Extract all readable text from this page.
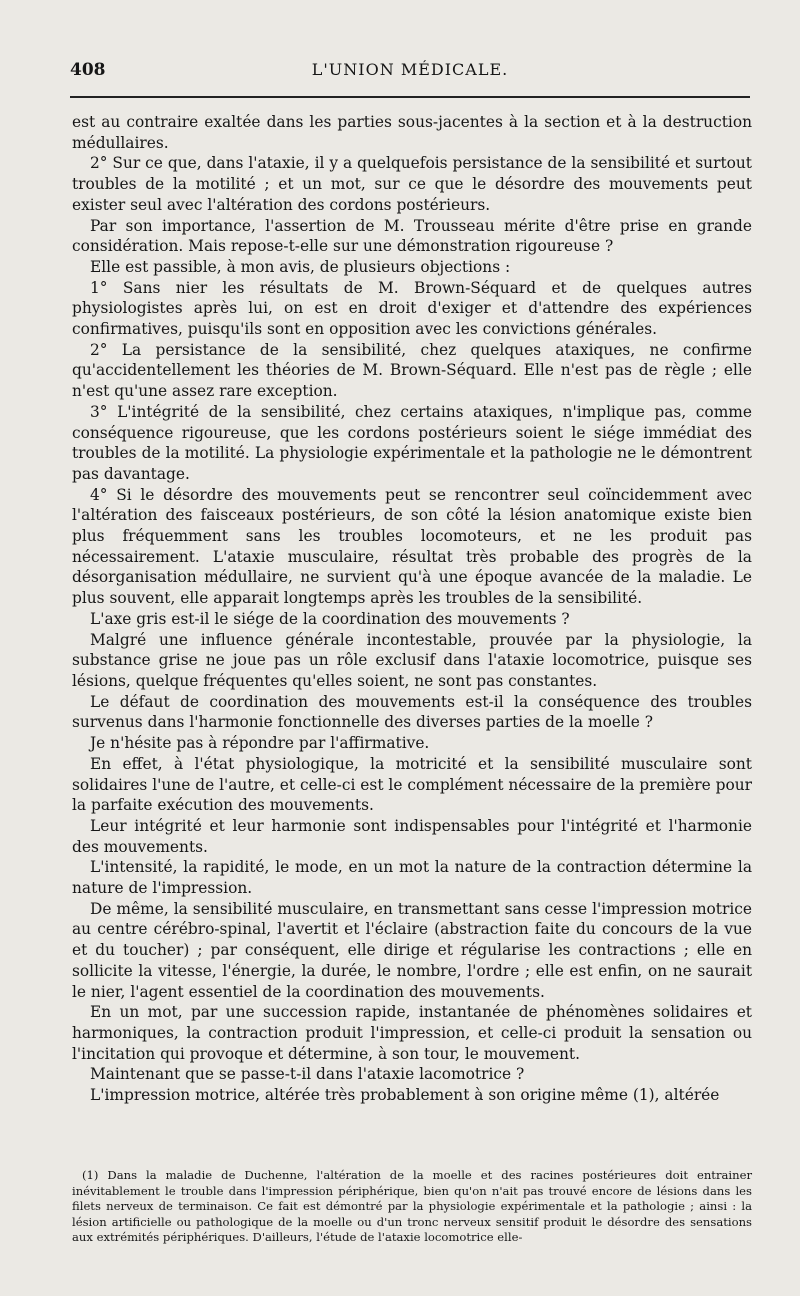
408	L'UNION MÉDICALE.

est au contraire exaltée dans les parties sous-jacentes à la section et à la destruction médullaires.

2° Sur ce que, dans l'ataxie, il y a quelquefois persistance de la sensibilité et surtout troubles de la motilité ; et un mot, sur ce que le désordre des mouvements peut exister seul avec l'altération des cordons postérieurs.

Par son importance, l'assertion de M. Trousseau mérite d'être prise en grande considération. Mais repose-t-elle sur une démonstration rigoureuse ?

Elle est passible, à mon avis, de plusieurs objections :

1° Sans nier les résultats de M. Brown-Séquard et de quelques autres physiologistes après lui, on est en droit d'exiger et d'attendre des expériences confirmatives, puisqu'ils sont en opposition avec les convictions générales.

2° La persistance de la sensibilité, chez quelques ataxiques, ne confirme qu'accidentellement les théories de M. Brown-Séquard. Elle n'est pas de règle ; elle n'est qu'une assez rare exception.

3° L'intégrité de la sensibilité, chez certains ataxiques, n'implique pas, comme conséquence rigoureuse, que les cordons postérieurs soient le siége immédiat des troubles de la motilité. La physiologie expérimentale et la pathologie ne le démontrent pas davantage.

4° Si le désordre des mouvements peut se rencontrer seul coïncidemment avec l'altération des faisceaux postérieurs, de son côté la lésion anatomique existe bien plus fréquemment sans les troubles locomoteurs, et ne les produit pas nécessairement. L'ataxie musculaire, résultat très probable des progrès de la désorganisation médullaire, ne survient qu'à une époque avancée de la maladie. Le plus souvent, elle apparait longtemps après les troubles de la sensibilité.

L'axe gris est-il le siége de la coordination des mouvements ?

Malgré une influence générale incontestable, prouvée par la physiologie, la substance grise ne joue pas un rôle exclusif dans l'ataxie locomotrice, puisque ses lésions, quelque fréquentes qu'elles soient, ne sont pas constantes.

Le défaut de coordination des mouvements est-il la conséquence des troubles survenus dans l'harmonie fonctionnelle des diverses parties de la moelle ?

Je n'hésite pas à répondre par l'affirmative.

En effet, à l'état physiologique, la motricité et la sensibilité musculaire sont solidaires l'une de l'autre, et celle-ci est le complément nécessaire de la première pour la parfaite exécution des mouvements.

Leur intégrité et leur harmonie sont indispensables pour l'intégrité et l'harmonie des mouvements.

L'intensité, la rapidité, le mode, en un mot la nature de la contraction détermine la nature de l'impression.

De même, la sensibilité musculaire, en transmettant sans cesse l'impression motrice au centre cérébro-spinal, l'avertit et l'éclaire (abstraction faite du concours de la vue et du toucher) ; par conséquent, elle dirige et régularise les contractions ; elle en sollicite la vitesse, l'énergie, la durée, le nombre, l'ordre ; elle est enfin, on ne saurait le nier, l'agent essentiel de la coordination des mouvements.

En un mot, par une succession rapide, instantanée de phénomènes solidaires et harmoniques, la contraction produit l'impression, et celle-ci produit la sensation ou l'incitation qui provoque et détermine, à son tour, le mouvement.

Maintenant que se passe-t-il dans l'ataxie lacomotrice ?

L'impression motrice, altérée très probablement à son origine même (1), altérée

(1) Dans la maladie de Duchenne, l'altération de la moelle et des racines postérieures doit entrainer inévitablement le trouble dans l'impression périphérique, bien qu'on n'ait pas trouvé encore de lésions dans les filets nerveux de terminaison. Ce fait est démontré par la physiologie expérimentale et la pathologie ; ainsi : la lésion artificielle ou pathologique de la moelle ou d'un tronc nerveux sensitif produit le désordre des sensations aux extrémités périphériques. D'ailleurs, l'étude de l'ataxie locomotrice elle-
